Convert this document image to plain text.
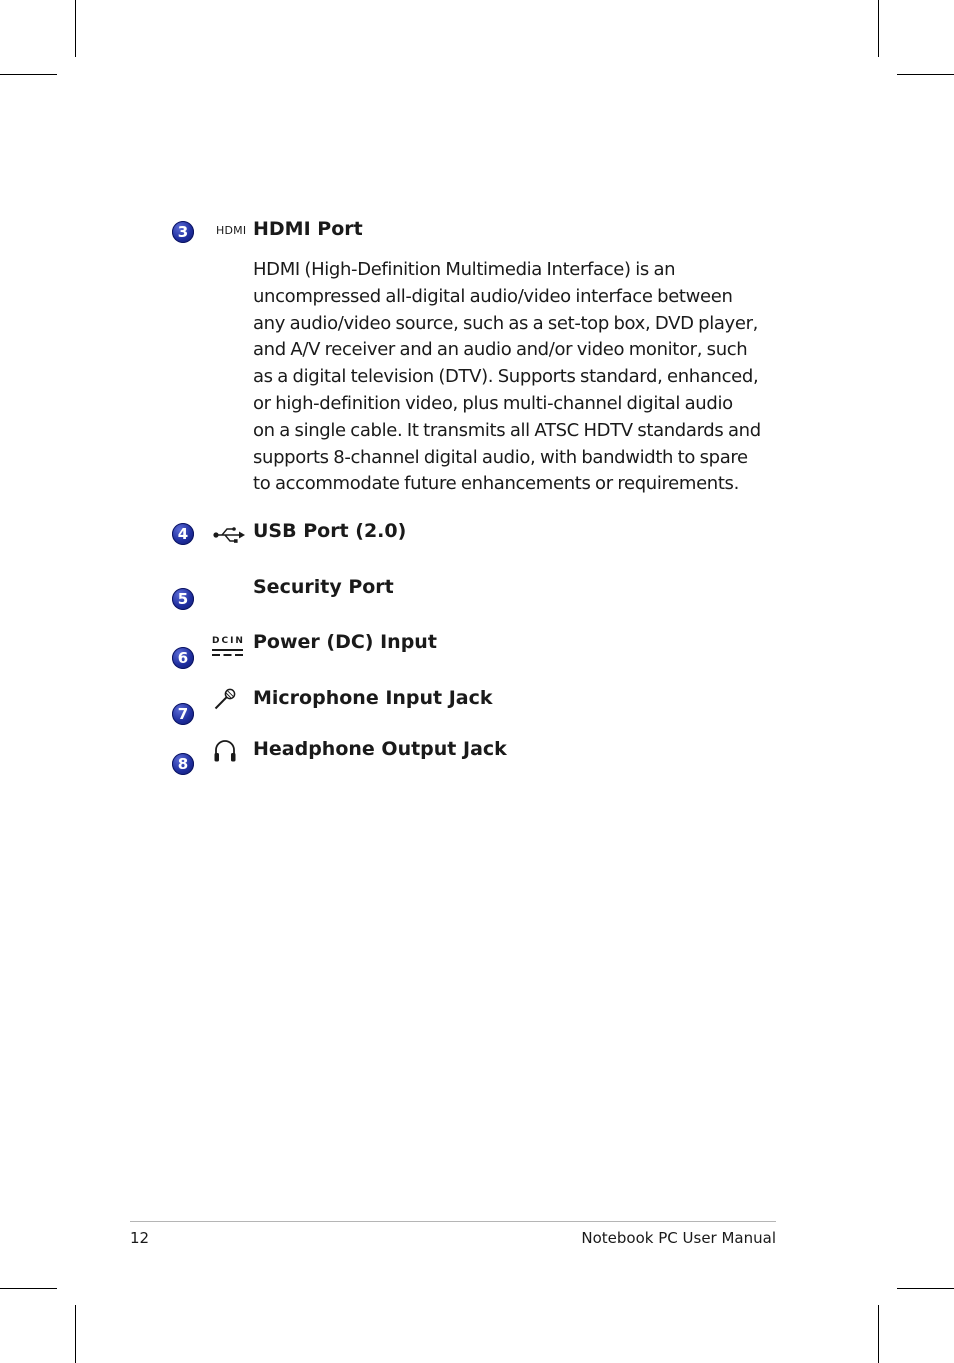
3	HDMI HDMI Port
HDMI (High-Definition Multimedia Interface) is an
uncompressed all-digital audio/video interface between
any audio/video source, such as a set-top box, DVD player,
and A/V receiver and an audio and/or video monitor, such
as a digital television (DTV). Supports standard, enhanced,
or high-definition video, plus multi-channel digital audio
on a single cable. It transmits all ATSC HDTV standards and
supports 8-channel digital audio, with bandwidth to spare
to accommodate future enhancements or requirements.
4	USB Port (2.0)
5
Security Port
6
DCIN Power (DC) Input
7
Microphone Input Jack
8
Headphone Output Jack
12	Notebook PC User Manual
